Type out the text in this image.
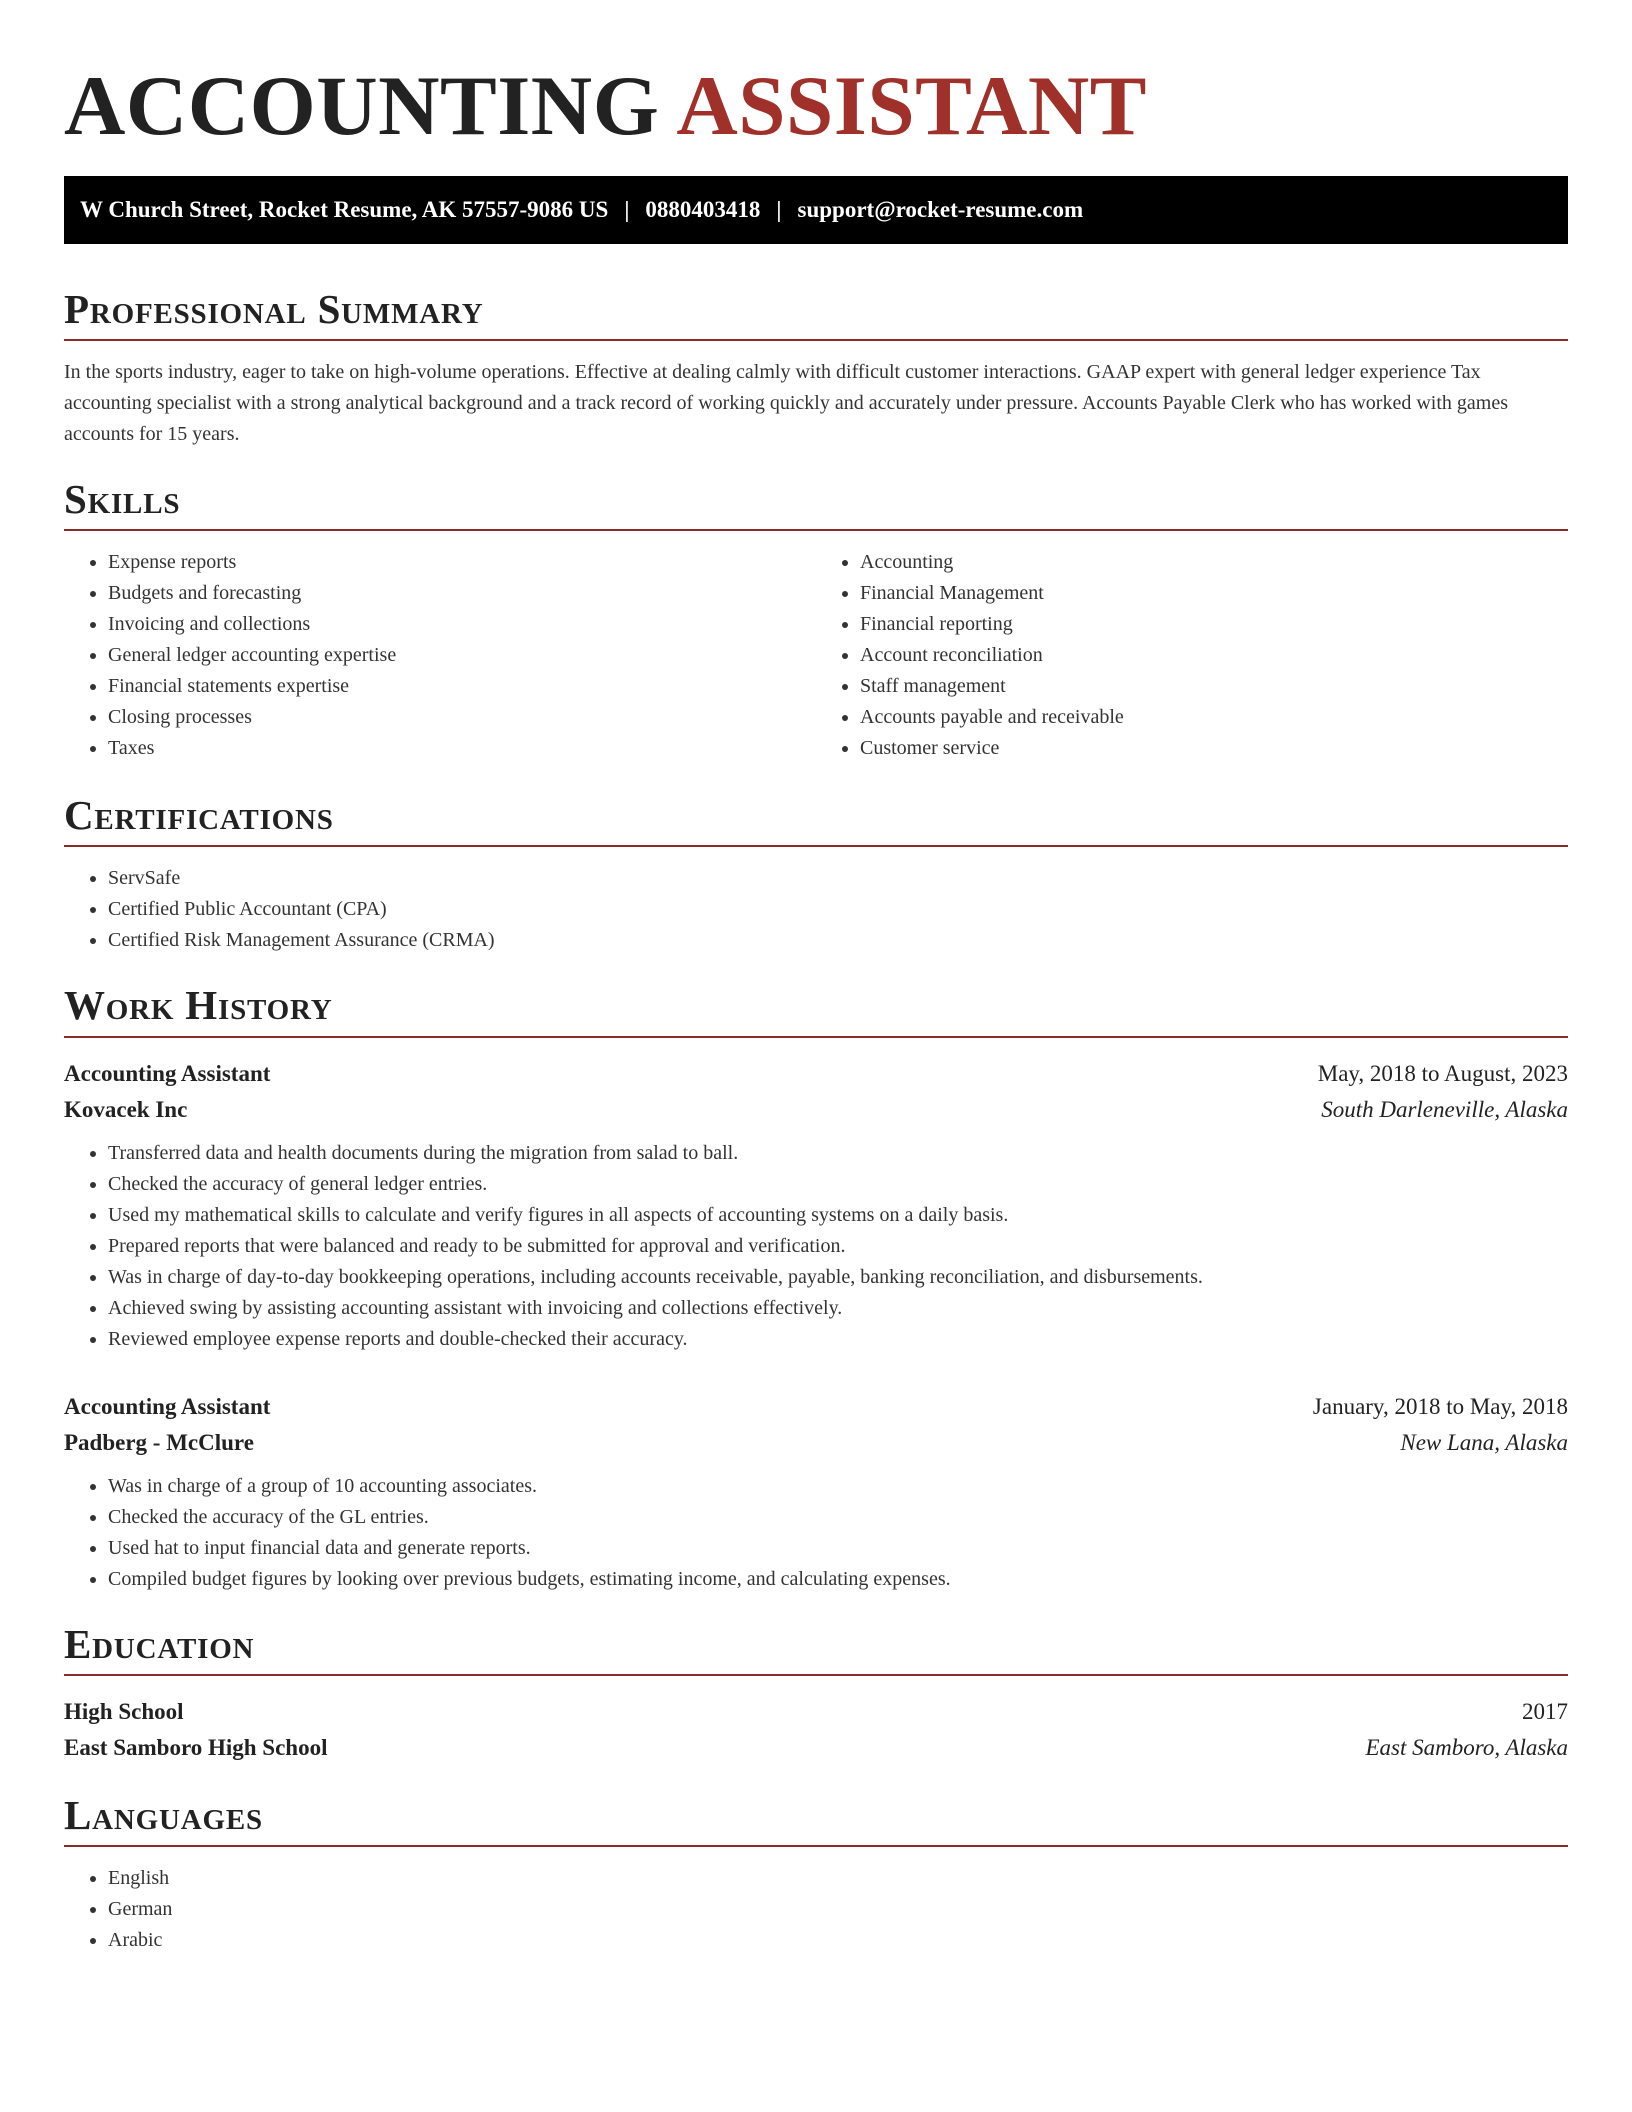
ACCOUNTING ASSISTANT
W Church Street, Rocket Resume, AK 57557-9086 US | 0880403418 | support@rocket-resume.com
Professional Summary

In the sports industry, eager to take on high-volume operations. Effective at dealing calmly with difficult customer interactions. GAAP expert with general ledger experience Tax accounting specialist with a strong analytical background and a track record of working quickly and accurately under pressure. Accounts Payable Clerk who has worked with games accounts for 15 years.

Skills
• Expense reports
• Budgets and forecasting
• Invoicing and collections
• General ledger accounting expertise
• Financial statements expertise
• Closing processes
• Taxes
• Accounting
• Financial Management
• Financial reporting
• Account reconciliation
• Staff management
• Accounts payable and receivable
• Customer service
Certifications
• ServSafe
• Certified Public Accountant (CPA)
• Certified Risk Management Assurance (CRMA)
Work History
Accounting Assistant	May, 2018 to August, 2023
Kovacek Inc	South Darleneville, Alaska
• Transferred data and health documents during the migration from salad to ball.
• Checked the accuracy of general ledger entries.
• Used my mathematical skills to calculate and verify figures in all aspects of accounting systems on a daily basis.
• Prepared reports that were balanced and ready to be submitted for approval and verification.
• Was in charge of day-to-day bookkeeping operations, including accounts receivable, payable, banking reconciliation, and disbursements.
• Achieved swing by assisting accounting assistant with invoicing and collections effectively.
• Reviewed employee expense reports and double-checked their accuracy.
Accounting Assistant	January, 2018 to May, 2018
Padberg - McClure	New Lana, Alaska
• Was in charge of a group of 10 accounting associates.
• Checked the accuracy of the GL entries.
• Used hat to input financial data and generate reports.
• Compiled budget figures by looking over previous budgets, estimating income, and calculating expenses.
Education
High School	2017
East Samboro High School	East Samboro, Alaska
Languages
• English
• German
• Arabic
